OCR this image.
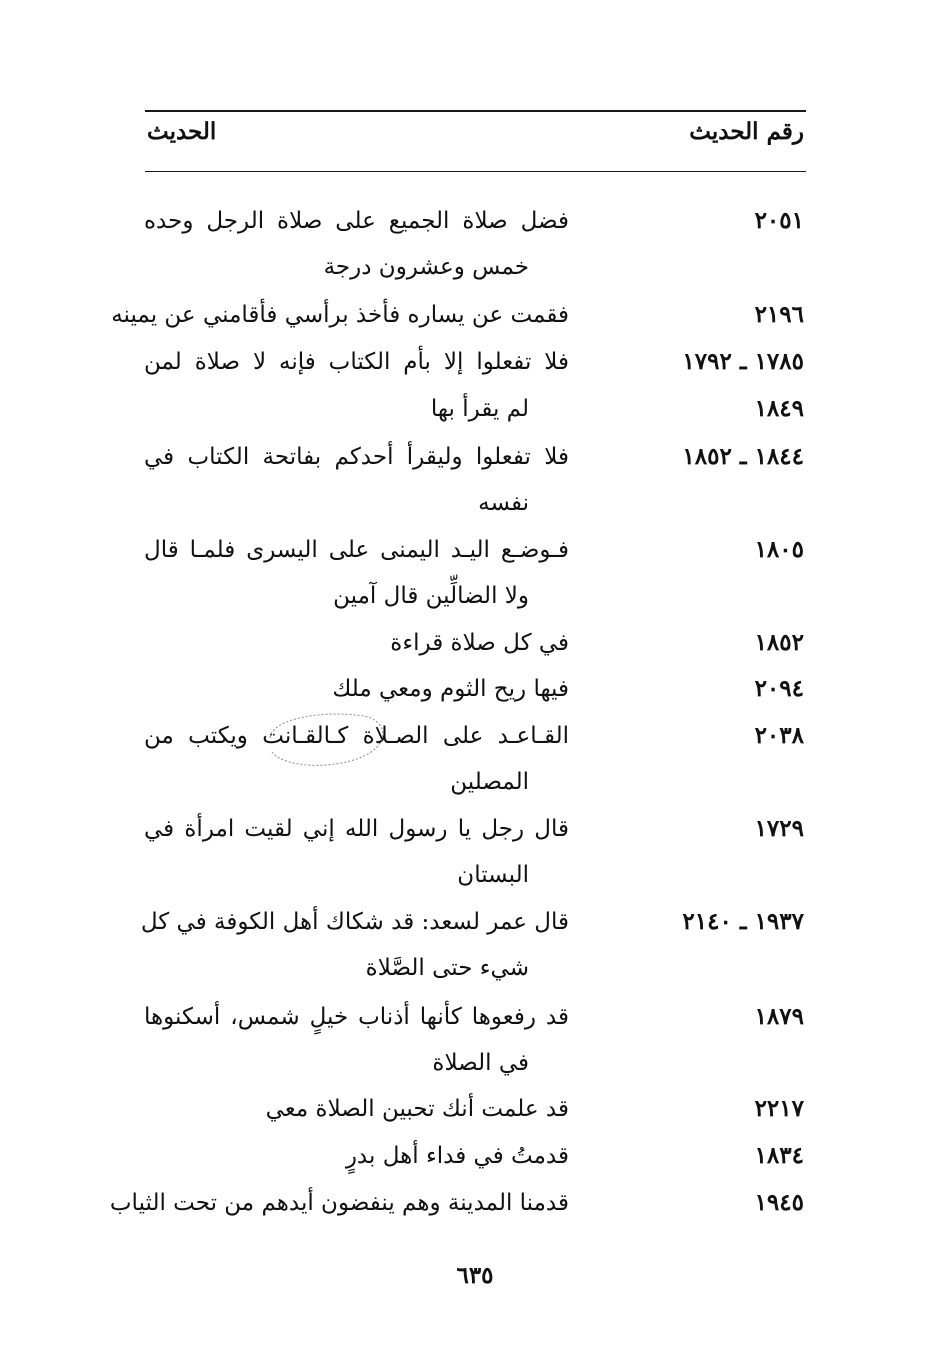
رقم الحديث
الحديث
٢٠٥١
فضل صلاة الجميع على صلاة الرجل وحده
خمس وعشرون درجة
٢١٩٦
فقمت عن يساره فأخذ برأسي فأقامني عن يمينه
١٧٨٥ ـ ١٧٩٢
فلا تفعلوا إلا بأم الكتاب فإنه لا صلاة لمن
١٨٤٩
لم يقرأ بها
١٨٤٤ ـ ١٨٥٢
فلا تفعلوا وليقرأ أحدكم بفاتحة الكتاب في
نفسه
١٨٠٥
فـوضـع اليـد اليمنى على اليسرى فلمـا قال
ولا الضالِّين قال آمين
١٨٥٢
في كل صلاة قراءة
٢٠٩٤
فيها ريح الثوم ومعي ملك
٢٠٣٨
القـاعـد على الصـلاة كـالقـانت ويكتب من
المصلين
١٧٢٩
قال رجل يا رسول الله إني لقيت امرأة في
البستان
١٩٣٧ ـ ٢١٤٠
قال عمر لسعد: قد شكاك أهل الكوفة في كل
شيء حتى الصَّلاة
١٨٧٩
قد رفعوها كأنها أذناب خيلٍ شمس، أسكنوها
في الصلاة
٢٢١٧
قد علمت أنك تحبين الصلاة معي
١٨٣٤
قدمتُ في فداء أهل بدرٍ
١٩٤٥
قدمنا المدينة وهم ينفضون أيدهم من تحت الثياب
٦٣٥
